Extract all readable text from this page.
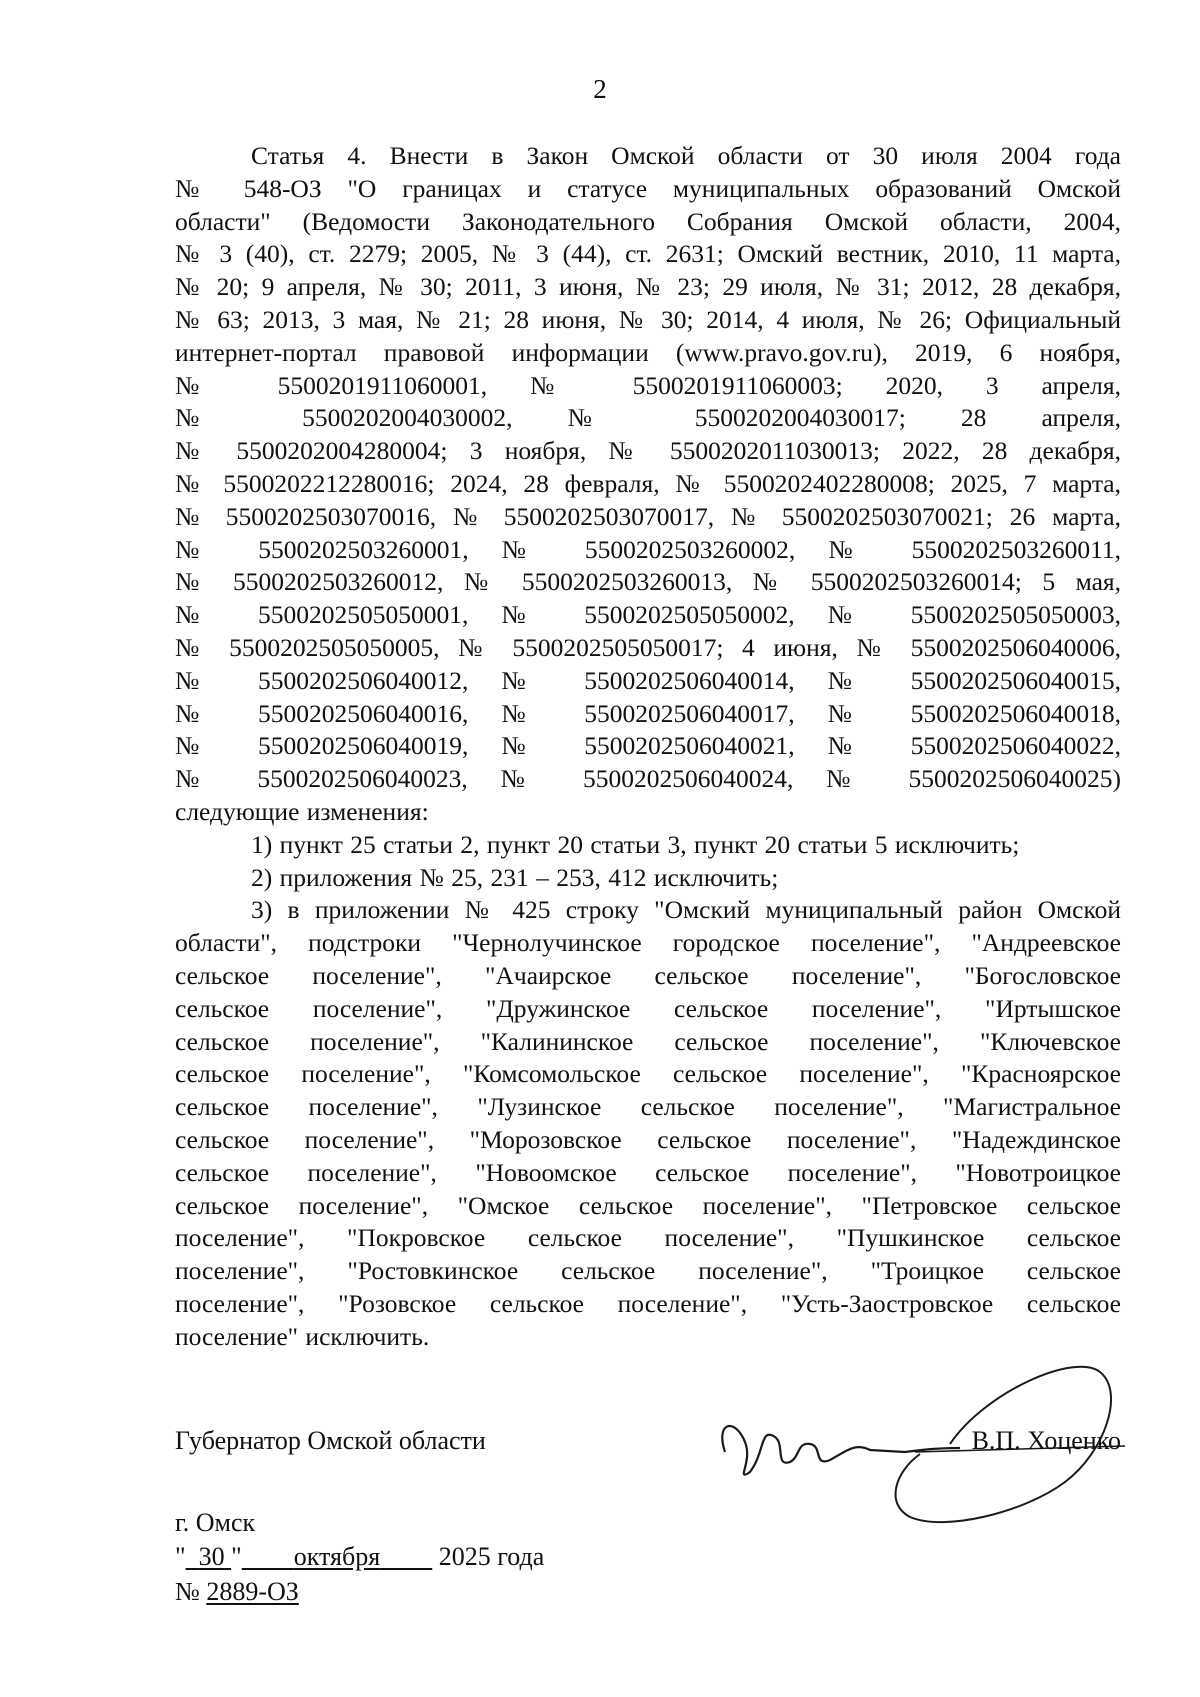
2
Статья 4. Внести в Закон Омской области от 30 июля 2004 года
№ 548-ОЗ "О границах и статусе муниципальных образований Омской
области" (Ведомости Законодательного Собрания Омской области, 2004,
№ 3 (40), ст. 2279; 2005, № 3 (44), ст. 2631; Омский вестник, 2010, 11 марта,
№ 20; 9 апреля, № 30; 2011, 3 июня, № 23; 29 июля, № 31; 2012, 28 декабря,
№ 63; 2013, 3 мая, № 21; 28 июня, № 30; 2014, 4 июля, № 26; Официальный
интернет-портал правовой информации (www.pravo.gov.ru), 2019, 6 ноября,
№ 5500201911060001, № 5500201911060003; 2020, 3 апреля,
№ 5500202004030002, № 5500202004030017; 28 апреля,
№ 5500202004280004; 3 ноября, № 5500202011030013; 2022, 28 декабря,
№ 5500202212280016; 2024, 28 февраля, № 5500202402280008; 2025, 7 марта,
№ 5500202503070016, № 5500202503070017, № 5500202503070021; 26 марта,
№ 5500202503260001, № 5500202503260002, № 5500202503260011,
№ 5500202503260012, № 5500202503260013, № 5500202503260014; 5 мая,
№ 5500202505050001, № 5500202505050002, № 5500202505050003,
№ 5500202505050005, № 5500202505050017; 4 июня, № 5500202506040006,
№ 5500202506040012, № 5500202506040014, № 5500202506040015,
№ 5500202506040016, № 5500202506040017, № 5500202506040018,
№ 5500202506040019, № 5500202506040021, № 5500202506040022,
№ 5500202506040023, № 5500202506040024, № 5500202506040025)
следующие изменения:
1) пункт 25 статьи 2, пункт 20 статьи 3, пункт 20 статьи 5 исключить;
2) приложения № 25, 231 – 253, 412 исключить;
3) в приложении № 425 строку "Омский муниципальный район Омской
области", подстроки "Чернолучинское городское поселение", "Андреевское
сельское поселение", "Ачаирское сельское поселение", "Богословское
сельское поселение", "Дружинское сельское поселение", "Иртышское
сельское поселение", "Калининское сельское поселение", "Ключевское
сельское поселение", "Комсомольское сельское поселение", "Красноярское
сельское поселение", "Лузинское сельское поселение", "Магистральное
сельское поселение", "Морозовское сельское поселение", "Надеждинское
сельское поселение", "Новоомское сельское поселение", "Новотроицкое
сельское поселение", "Омское сельское поселение", "Петровское сельское
поселение", "Покровское сельское поселение", "Пушкинское сельское
поселение", "Ростовкинское сельское поселение", "Троицкое сельское
поселение", "Розовское сельское поселение", "Усть-Заостровское сельское
поселение" исключить.
Губернатор Омской области	В.П. Хоценко
г. Омск
" 30 " октября 2025 года
№ 2889-ОЗ
